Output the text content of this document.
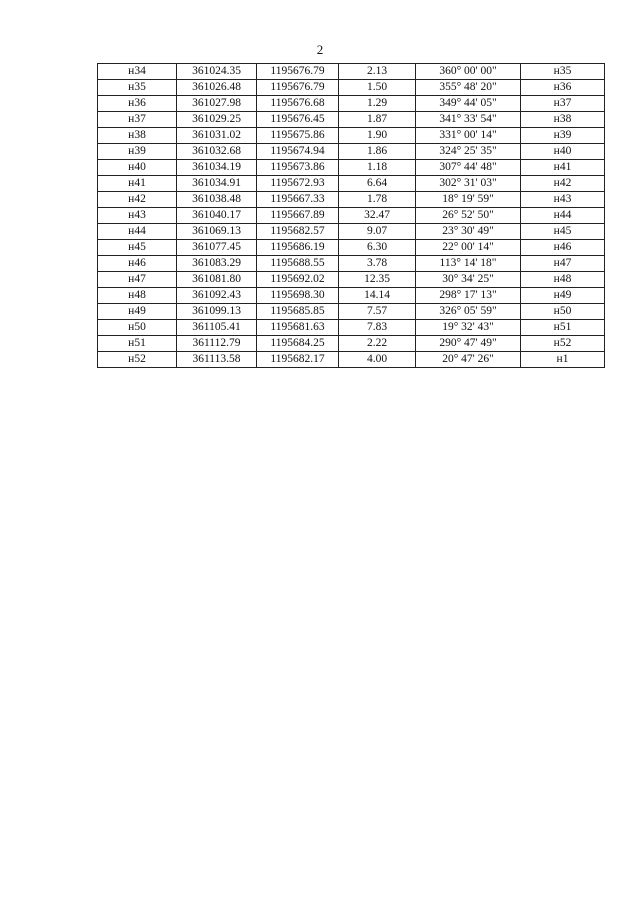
2
н34	361024.35	1195676.79	2.13	360° 00' 00"	н35
н35	361026.48	1195676.79	1.50	355° 48' 20"	н36
н36	361027.98	1195676.68	1.29	349° 44' 05"	н37
н37	361029.25	1195676.45	1.87	341° 33' 54"	н38
н38	361031.02	1195675.86	1.90	331° 00' 14"	н39
н39	361032.68	1195674.94	1.86	324° 25' 35"	н40
н40	361034.19	1195673.86	1.18	307° 44' 48"	н41
н41	361034.91	1195672.93	6.64	302° 31' 03"	н42
н42	361038.48	1195667.33	1.78	18° 19' 59"	н43
н43	361040.17	1195667.89	32.47	26° 52' 50"	н44
н44	361069.13	1195682.57	9.07	23° 30' 49"	н45
н45	361077.45	1195686.19	6.30	22° 00' 14"	н46
н46	361083.29	1195688.55	3.78	113° 14' 18"	н47
н47	361081.80	1195692.02	12.35	30° 34' 25"	н48
н48	361092.43	1195698.30	14.14	298° 17' 13"	н49
н49	361099.13	1195685.85	7.57	326° 05' 59"	н50
н50	361105.41	1195681.63	7.83	19° 32' 43"	н51
н51	361112.79	1195684.25	2.22	290° 47' 49"	н52
н52	361113.58	1195682.17	4.00	20° 47' 26"	н1
